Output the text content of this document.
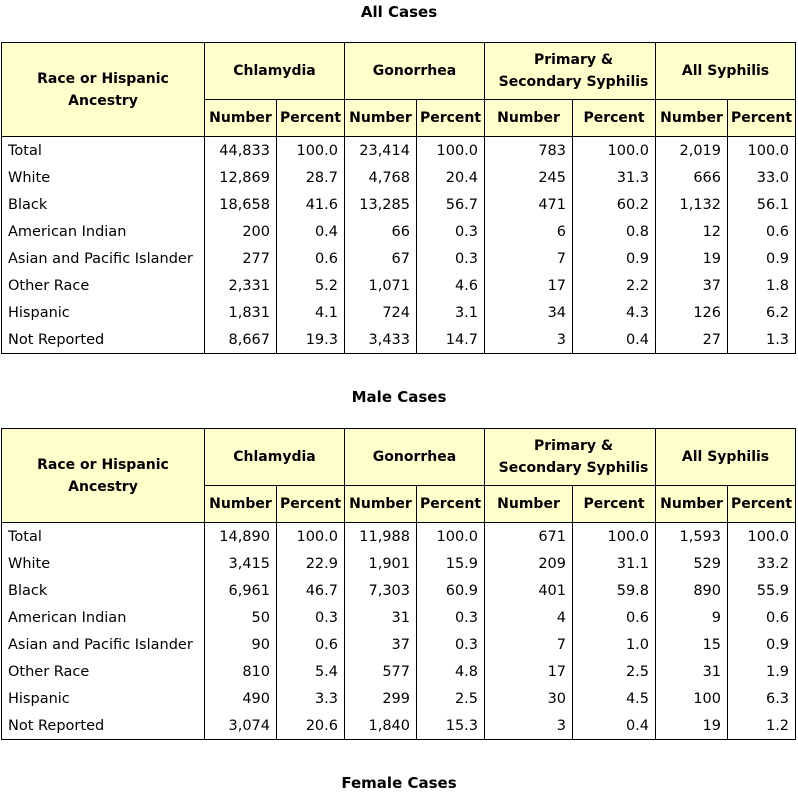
All Cases
Race or Hispanic Ancestry	Chlamydia		Gonorrhea		Primary & Secondary Syphilis		All Syphilis	
	Number	Percent	Number	Percent	Number	Percent	Number	Percent
Total	44,833	100.0	23,414	100.0	783	100.0	2,019	100.0
White	12,869	28.7	4,768	20.4	245	31.3	666	33.0
Black	18,658	41.6	13,285	56.7	471	60.2	1,132	56.1
American Indian	200	0.4	66	0.3	6	0.8	12	0.6
Asian and Pacific Islander	277	0.6	67	0.3	7	0.9	19	0.9
Other Race	2,331	5.2	1,071	4.6	17	2.2	37	1.8
Hispanic	1,831	4.1	724	3.1	34	4.3	126	6.2
Not Reported	8,667	19.3	3,433	14.7	3	0.4	27	1.3
Male Cases
Race or Hispanic Ancestry	Chlamydia		Gonorrhea		Primary & Secondary Syphilis		All Syphilis	
	Number	Percent	Number	Percent	Number	Percent	Number	Percent
Total	14,890	100.0	11,988	100.0	671	100.0	1,593	100.0
White	3,415	22.9	1,901	15.9	209	31.1	529	33.2
Black	6,961	46.7	7,303	60.9	401	59.8	890	55.9
American Indian	50	0.3	31	0.3	4	0.6	9	0.6
Asian and Pacific Islander	90	0.6	37	0.3	7	1.0	15	0.9
Other Race	810	5.4	577	4.8	17	2.5	31	1.9
Hispanic	490	3.3	299	2.5	30	4.5	100	6.3
Not Reported	3,074	20.6	1,840	15.3	3	0.4	19	1.2
Female Cases
